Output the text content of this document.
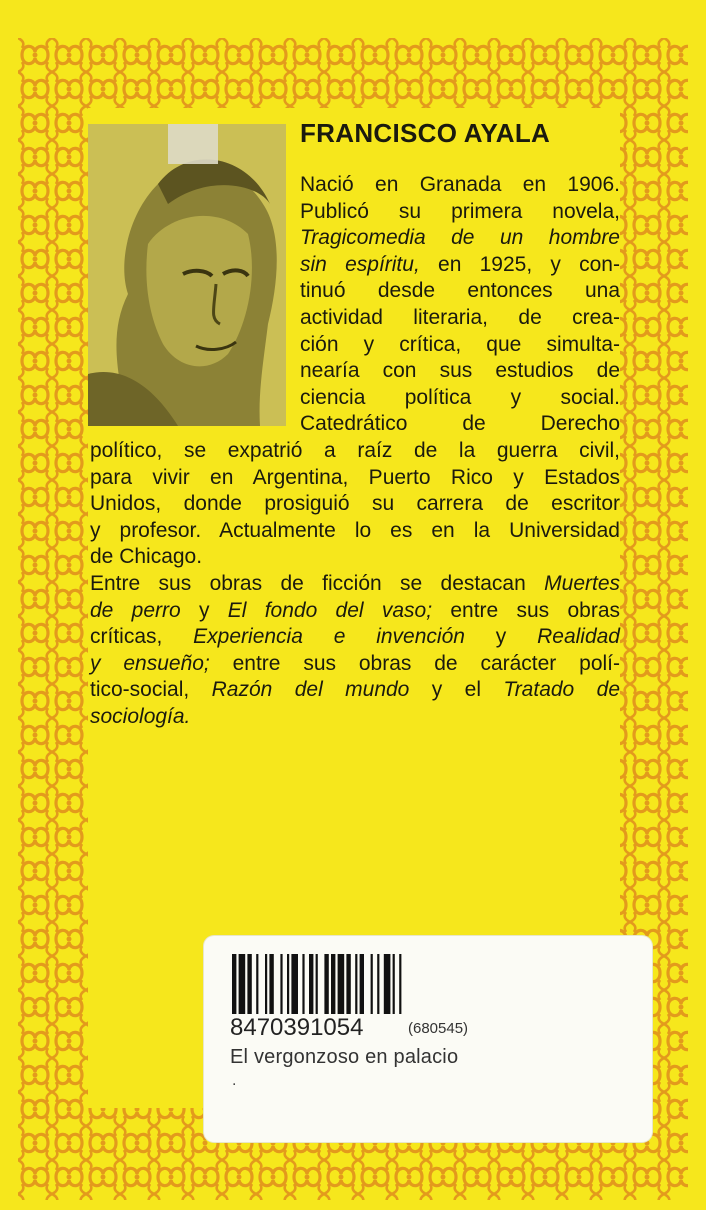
FRANCISCO AYALA
Nació en Granada en 1906.
Publicó su primera novela,
Tragicomedia de un hombre
sin espíritu, en 1925, y con-
tinuó desde entonces una
actividad literaria, de crea-
ción y crítica, que simulta-
nearía con sus estudios de
ciencia política y social.
Catedrático de Derecho
político, se expatrió a raíz de la guerra civil,
para vivir en Argentina, Puerto Rico y Estados
Unidos, donde prosiguió su carrera de escritor
y profesor. Actualmente lo es en la Universidad
de Chicago.
Entre sus obras de ficción se destacan Muertes
de perro y El fondo del vaso; entre sus obras
críticas, Experiencia e invención y Realidad
y ensueño; entre sus obras de carácter polí-
tico-social, Razón del mundo y el Tratado de
sociología.
8470391054	(680545)
El vergonzoso en palacio
.
